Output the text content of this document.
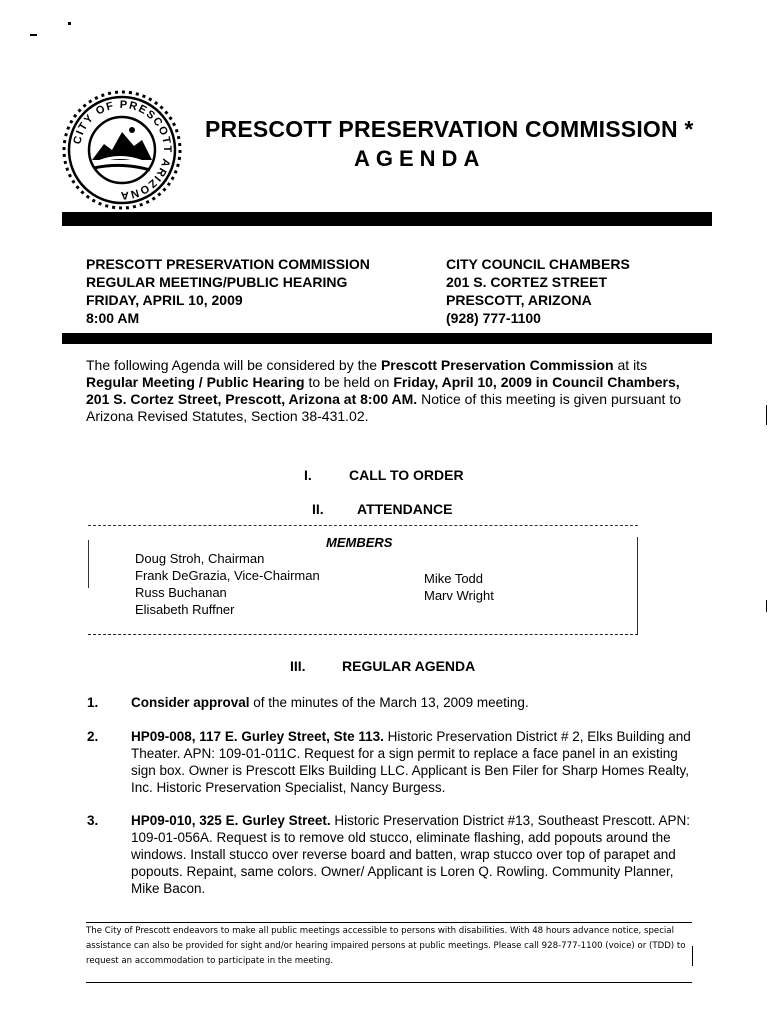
CITY OF PRESCOTT ARIZONA
PRESCOTT PRESERVATION COMMISSION *
AGENDA
PRESCOTT PRESERVATION COMMISSION
REGULAR MEETING/PUBLIC HEARING
FRIDAY, APRIL 10, 2009
8:00 AM
CITY COUNCIL CHAMBERS
201 S. CORTEZ STREET
PRESCOTT, ARIZONA
(928) 777-1100
The following Agenda will be considered by the Prescott Preservation Commission at its Regular Meeting / Public Hearing to be held on Friday, April 10, 2009 in Council Chambers, 201 S. Cortez Street, Prescott, Arizona at 8:00 AM. Notice of this meeting is given pursuant to Arizona Revised Statutes, Section 38-431.02.
I.	CALL TO ORDER
II. ATTENDANCE
MEMBERS
Doug Stroh, Chairman
Frank DeGrazia, Vice-Chairman
Russ Buchanan
Elisabeth Ruffner
Mike Todd
Marv Wright
III.	REGULAR AGENDA
1. Consider approval of the minutes of the March 13, 2009 meeting.
2. HP09-008, 117 E. Gurley Street, Ste 113. Historic Preservation District # 2, Elks Building and Theater. APN: 109-01-011C. Request for a sign permit to replace a face panel in an existing sign box. Owner is Prescott Elks Building LLC. Applicant is Ben Filer for Sharp Homes Realty, Inc. Historic Preservation Specialist, Nancy Burgess.
3. HP09-010, 325 E. Gurley Street. Historic Preservation District #13, Southeast Prescott. APN: 109-01-056A. Request is to remove old stucco, eliminate flashing, add popouts around the windows. Install stucco over reverse board and batten, wrap stucco over top of parapet and popouts. Repaint, same colors. Owner/ Applicant is Loren Q. Rowling. Community Planner, Mike Bacon.
The City of Prescott endeavors to make all public meetings accessible to persons with disabilities. With 48 hours advance notice, special assistance can also be provided for sight and/or hearing impaired persons at public meetings. Please call 928-777-1100 (voice) or (TDD) to request an accommodation to participate in the meeting.
